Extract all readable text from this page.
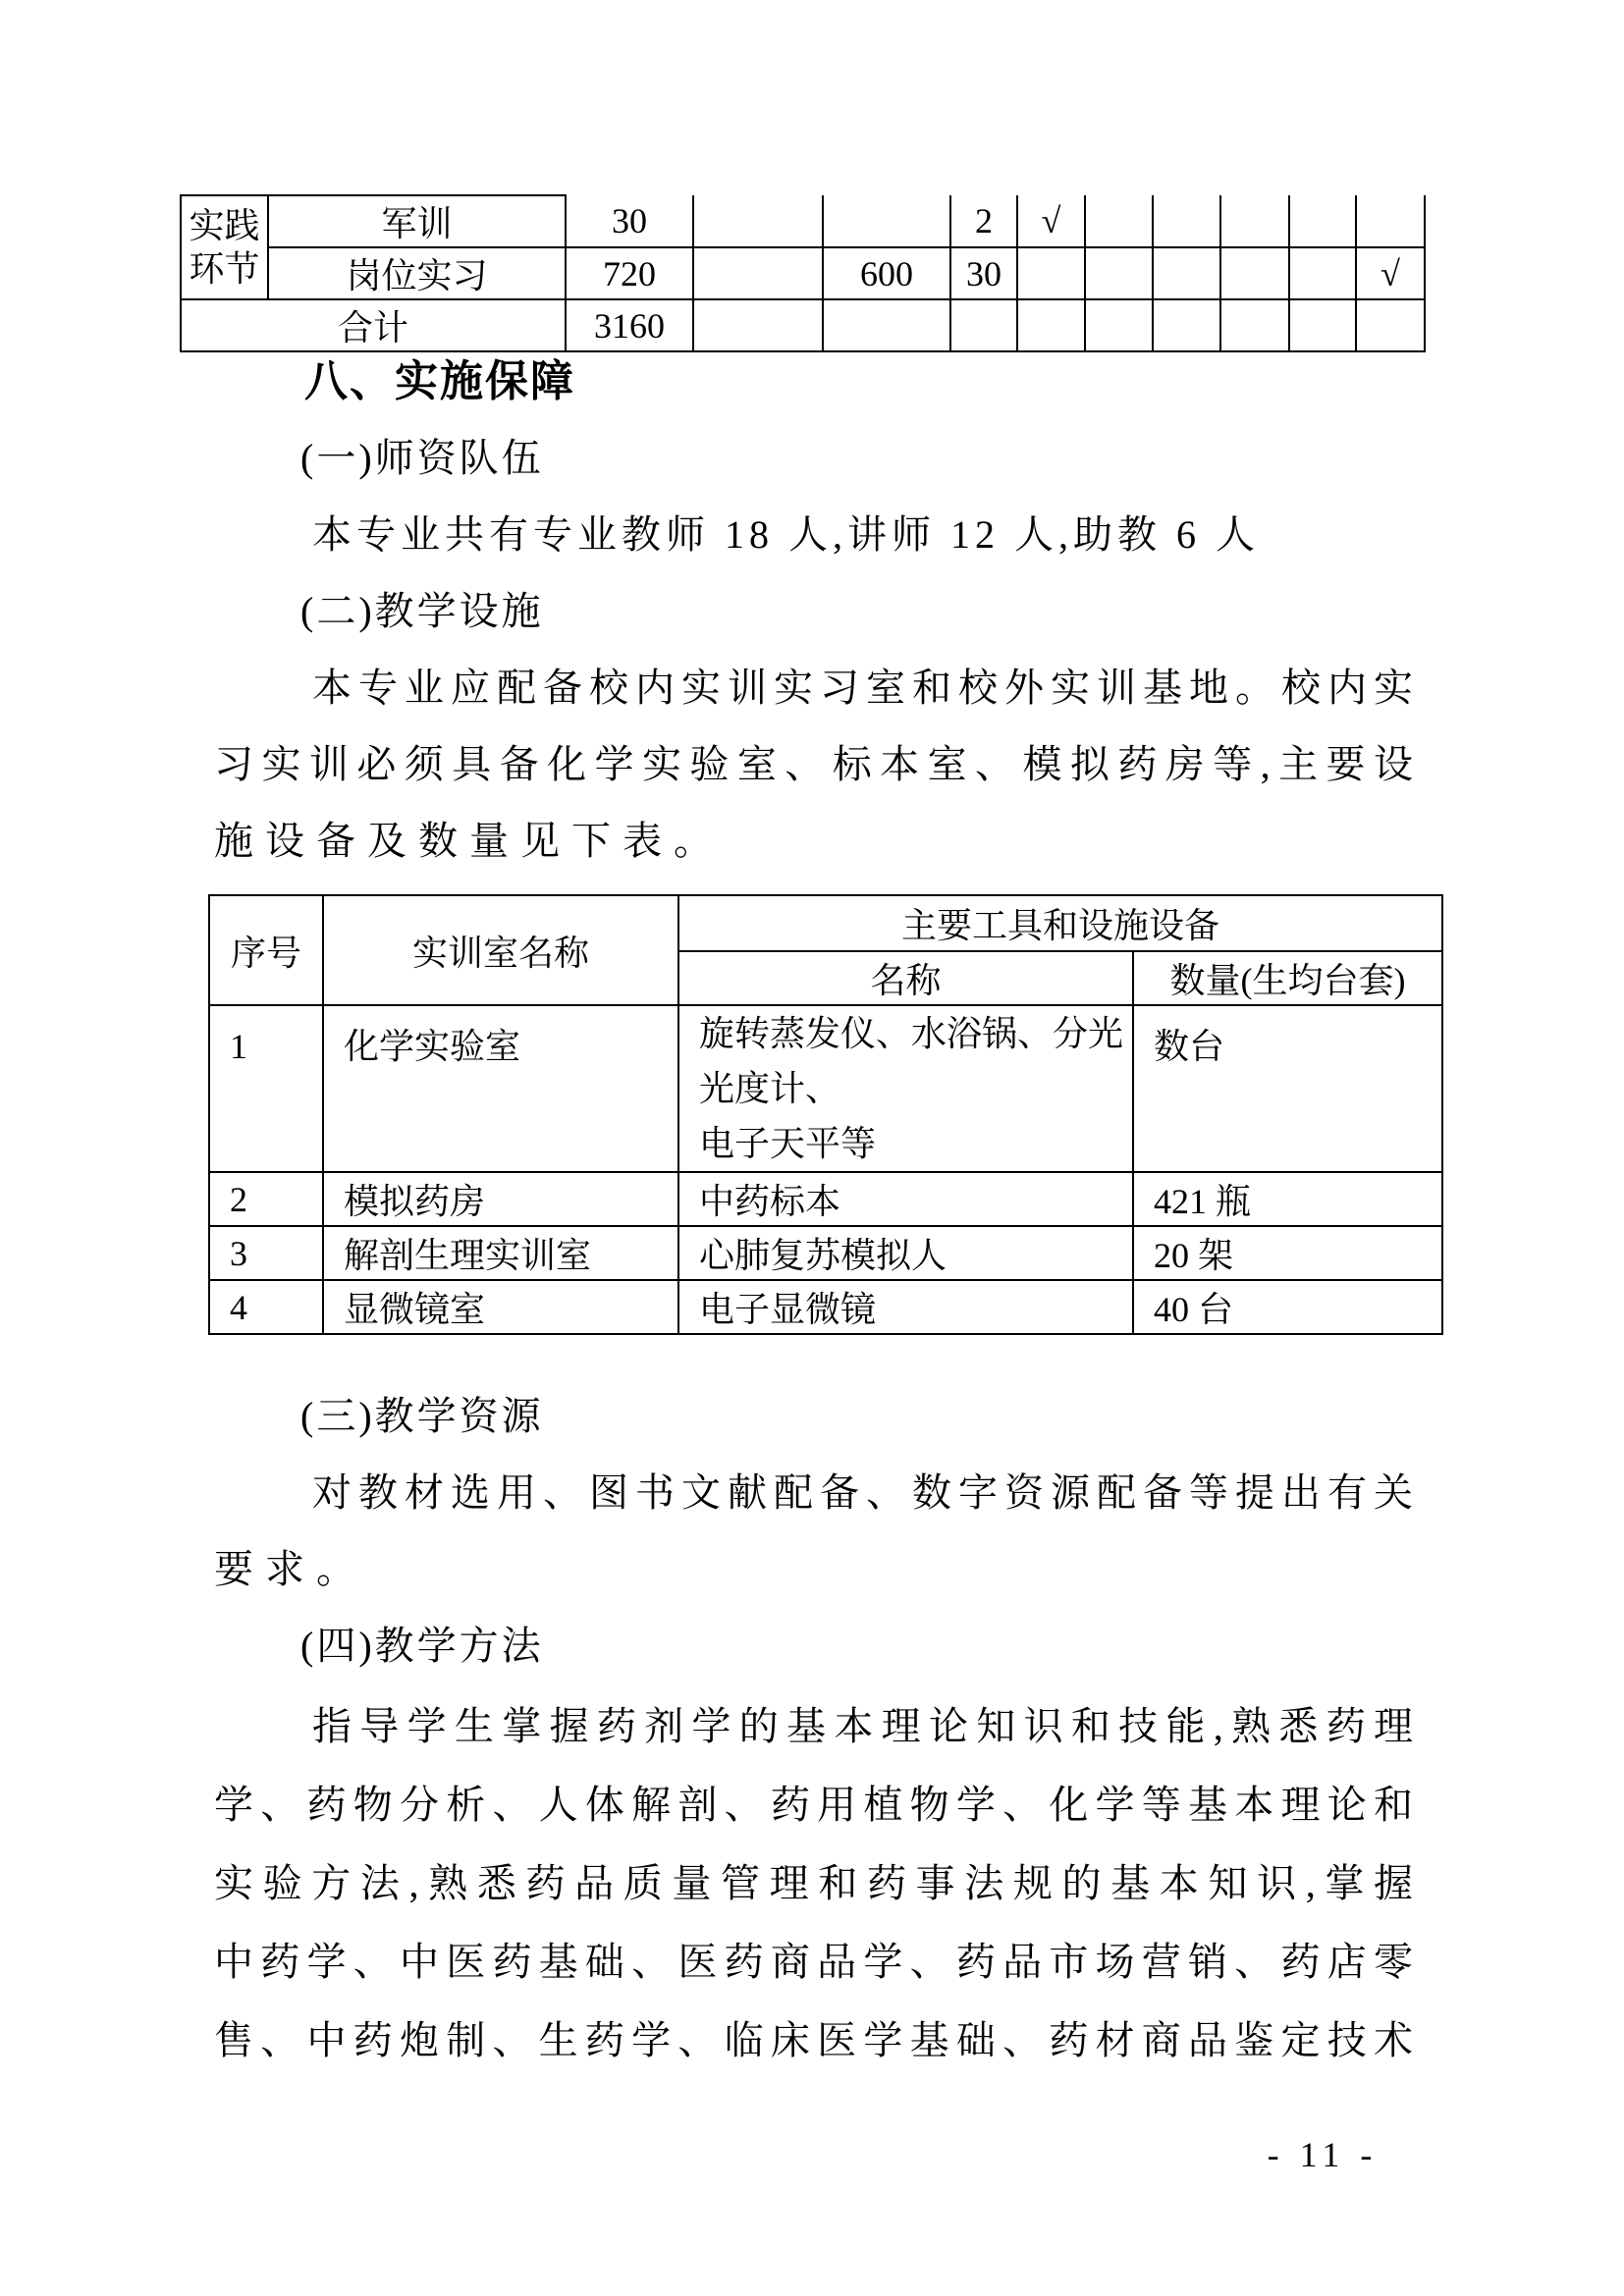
实践
环节	军训	30			2	√					
	岗位实习	720		600	30						√
合计		3160									
八、实施保障
(一)师资队伍
本专业共有专业教师 18 人,讲师 12 人,助教 6 人
(二)教学设施
本专业应配备校内实训实习室和校外实训基地。校内实
习实训必须具备化学实验室、标本室、模拟药房等,主要设
施设备及数量见下表。
序号	实训室名称	主要工具和设施设备	
		名称	数量(生均台套)
1	化学实验室	旋转蒸发仪、水浴锅、分光光度计、
电子天平等	数台
2	模拟药房	中药标本	421 瓶
3	解剖生理实训室	心肺复苏模拟人	20 架
4	显微镜室	电子显微镜	40 台
(三)教学资源
对教材选用、图书文献配备、数字资源配备等提出有关
要求。
(四)教学方法
指导学生掌握药剂学的基本理论知识和技能,熟悉药理
学、药物分析、人体解剖、药用植物学、化学等基本理论和
实验方法,熟悉药品质量管理和药事法规的基本知识,掌握
中药学、中医药基础、医药商品学、药品市场营销、药店零
售、中药炮制、生药学、临床医学基础、药材商品鉴定技术
- 11 -
